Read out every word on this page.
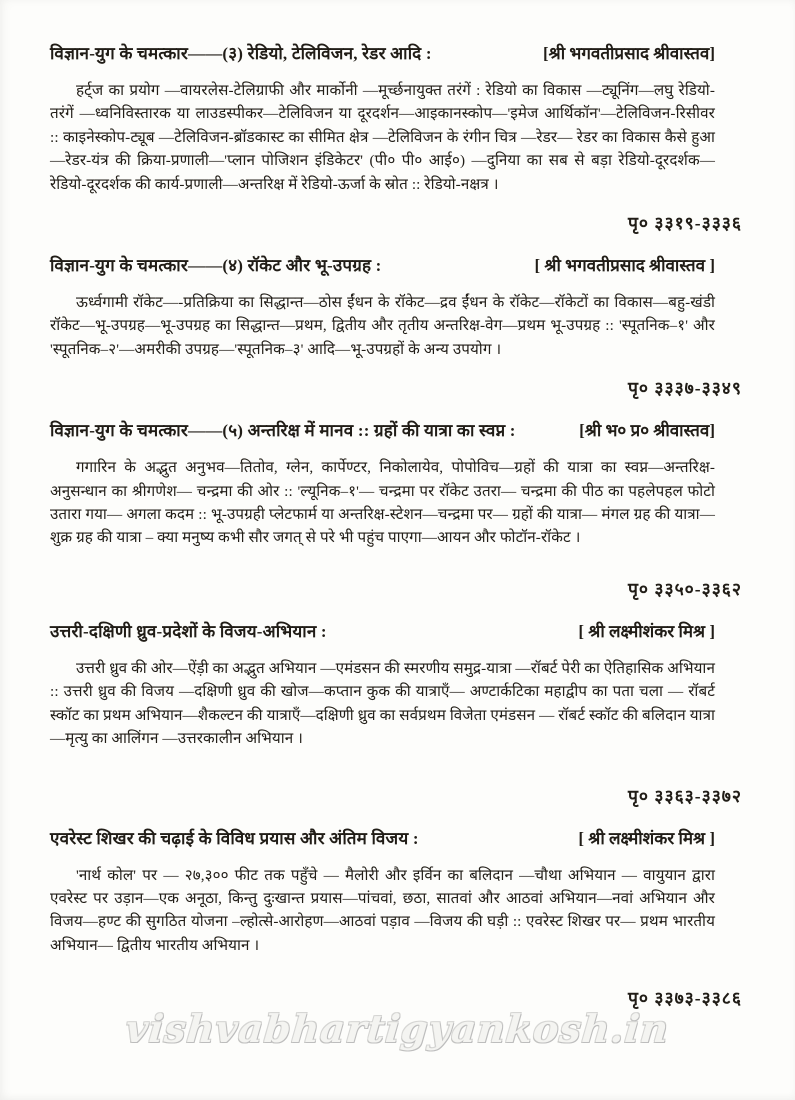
विज्ञान-युग के चमत्कार——(३) रेडियो, टेलिविजन, रेडर आदि :	[श्री भगवतीप्रसाद श्रीवास्तव]

हर्ट्ज का प्रयोग —वायरलेस-टेलिग्राफी और मार्कोनी —मूर्च्छनायुक्त तरंगें : रेडियो का विकास —ट्यूनिंग—लघु रेडियो-तरंगें —ध्वनिविस्तारक या लाउडस्पीकर—टेलिविजन या दूरदर्शन—आइकानस्कोप—'इमेज आर्थिकॉन'—टेलिविजन-रिसीवर :: काइनेस्कोप-ट्यूब —टेलिविजन-ब्रॉडकास्ट का सीमित क्षेत्र —टेलिविजन के रंगीन चित्र —रेडर— रेडर का विकास कैसे हुआ—रेडर-यंत्र की क्रिया-प्रणाली—'प्लान पोजिशन इंडिकेटर' (पी० पी० आई०) —दुनिया का सब से बड़ा रेडियो-दूरदर्शक—रेडियो-दूरदर्शक की कार्य-प्रणाली—अन्तरिक्ष में रेडियो-ऊर्जा के स्रोत :: रेडियो-नक्षत्र ।

पृ० ३३१९-३३३६
विज्ञान-युग के चमत्कार——(४) रॉकेट और भू-उपग्रह :	[ श्री भगवतीप्रसाद श्रीवास्तव ]

ऊर्ध्वगामी रॉकेट—-प्रतिक्रिया का सिद्धान्त—ठोस ईंधन के रॉकेट—द्रव ईंधन के रॉकेट—रॉकेटों का विकास—बहु-खंडी रॉकेट—भू-उपग्रह—भू-उपग्रह का सिद्धान्त—प्रथम, द्वितीय और तृतीय अन्तरिक्ष-वेग—प्रथम भू-उपग्रह :: 'स्पूतनिक–१' और 'स्पूतनिक–२'—अमरीकी उपग्रह—'स्पूतनिक–३' आदि—भू-उपग्रहों के अन्य उपयोग ।

पृ० ३३३७-३३४९
विज्ञान-युग के चमत्कार——(५) अन्तरिक्ष में मानव :: ग्रहों की यात्रा का स्वप्न :	[श्री भ० प्र० श्रीवास्तव]

गगारिन के अद्भुत अनुभव—तितोव, ग्लेन, कार्पेण्टर, निकोलायेव, पोपोविच—ग्रहों की यात्रा का स्वप्न—अन्तरिक्ष-अनुसन्धान का श्रीगणेश— चन्द्रमा की ओर :: 'ल्यूनिक–१'— चन्द्रमा पर रॉकेट उतरा— चन्द्रमा की पीठ का पहलेपहल फोटो उतारा गया— अगला कदम :: भू-उपग्रही प्लेटफार्म या अन्तरिक्ष-स्टेशन—चन्द्रमा पर— ग्रहों की यात्रा— मंगल ग्रह की यात्रा—शुक्र ग्रह की यात्रा – क्या मनुष्य कभी सौर जगत् से परे भी पहुंच पाएगा—आयन और फोटॉन-रॉकेट ।

पृ० ३३५०-३३६२
उत्तरी-दक्षिणी ध्रुव-प्रदेशों के विजय-अभियान :	[ श्री लक्ष्मीशंकर मिश्र ]

उत्तरी ध्रुव की ओर—ऐंड़ी का अद्भुत अभियान —एमंडसन की स्मरणीय समुद्र-यात्रा —रॉबर्ट पेरी का ऐतिहासिक अभियान :: उत्तरी ध्रुव की विजय —दक्षिणी ध्रुव की खोज—कप्तान कुक की यात्राएँ— अण्टार्कटिका महाद्वीप का पता चला — रॉबर्ट स्कॉट का प्रथम अभियान—शैकल्टन की यात्राएँ—दक्षिणी ध्रुव का सर्वप्रथम विजेता एमंडसन — रॉबर्ट स्कॉट की बलिदान यात्रा —मृत्यु का आलिंगन —उत्तरकालीन अभियान ।

पृ० ३३६३-३३७२
एवरेस्ट शिखर की चढ़ाई के विविध प्रयास और अंतिम विजय :	[ श्री लक्ष्मीशंकर मिश्र ]

'नार्थ कोल' पर — २७,३०० फीट तक पहुँचे — मैलोरी और इर्विन का बलिदान —चौथा अभियान — वायुयान द्वारा एवरेस्ट पर उड़ान—एक अनूठा, किन्तु दुःखान्त प्रयास—पांचवां, छठा, सातवां और आठवां अभियान—नवां अभियान और विजय—हण्ट की सुगठित योजना –ल्होत्से-आरोहण—आठवां पड़ाव —विजय की घड़ी :: एवरेस्ट शिखर पर— प्रथम भारतीय अभियान— द्वितीय भारतीय अभियान ।

पृ० ३३७३-३३८६
vishvabhartigyankosh.in
